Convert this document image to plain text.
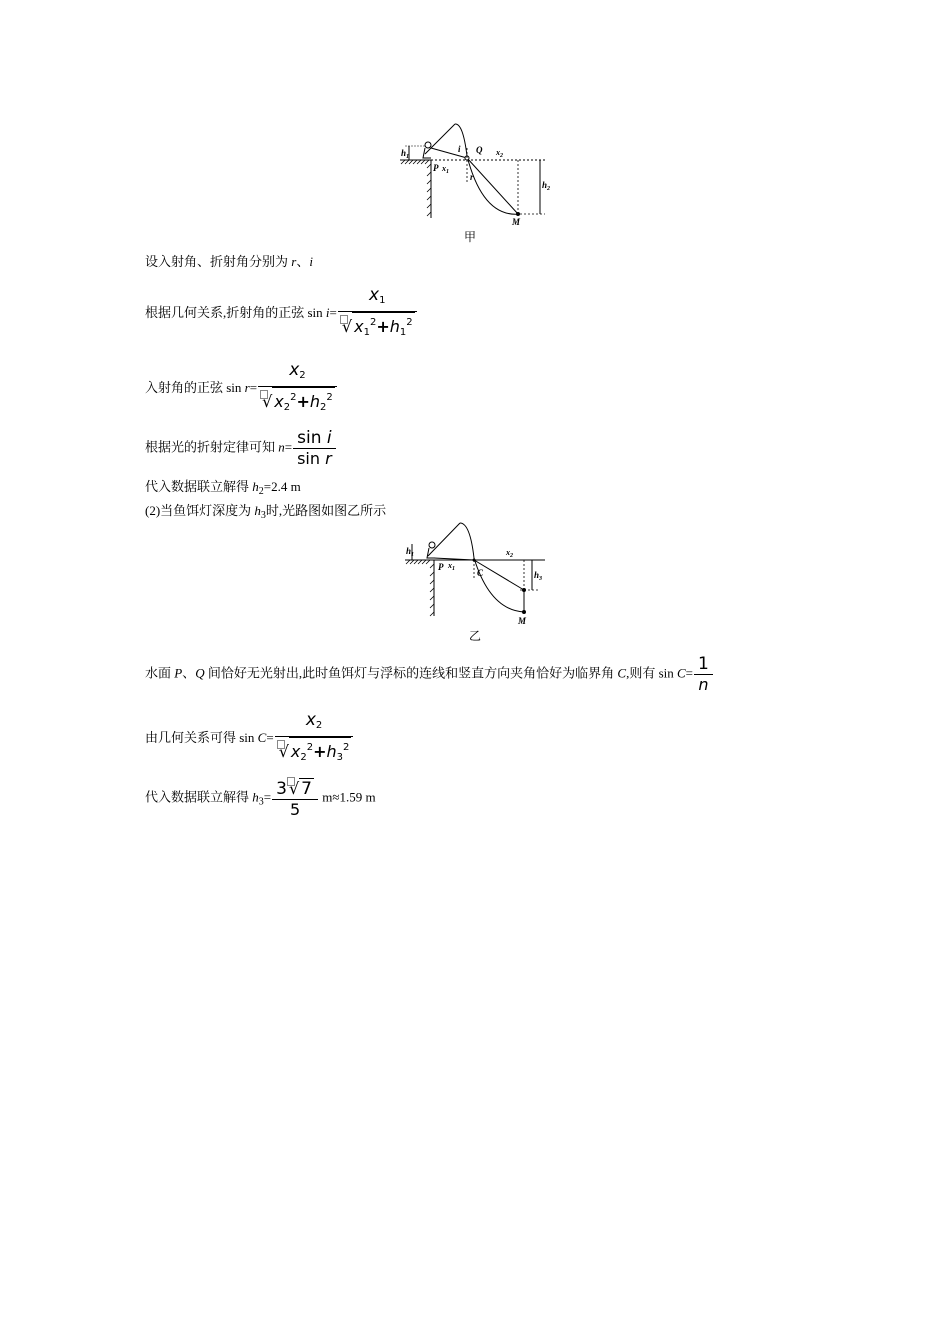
$h_1$
P $x_1$
i Q $x_2$
r
$h_2$
M
甲
设入射角、折射角分别为 r、i
根据几何关系,折射角的正弦 $\sin i= \frac{x_1}{√ x_1^2+h_1^2}$
入射角的正弦 $\sin r= \frac{x_2}{√ x_2^2+h_2^2}$
根据光的折射定律可知 $n= \frac{\text{sin i}}{\text{sin r}}$
代入数据联立解得 $h_2=2.4$ m
(2)当鱼饵灯深度为 $h_3$时,光路图如图乙所示
$h_1$
P $x_1$ C
$x_2$
$h_3$
M
乙
水面 P、Q 间恰好无光射出,此时鱼饵灯与浮标的连线和竖直方向夹角恰好为临界角 C,则有 $\sin C= \frac{1}{n}$
由几何关系可得 $\sin C= \frac{x_2}{√ x_2^2+h_3^2}$
代入数据联立解得 $h_3= \frac{3 √ 7}{5} m\approx 1.59$ m
